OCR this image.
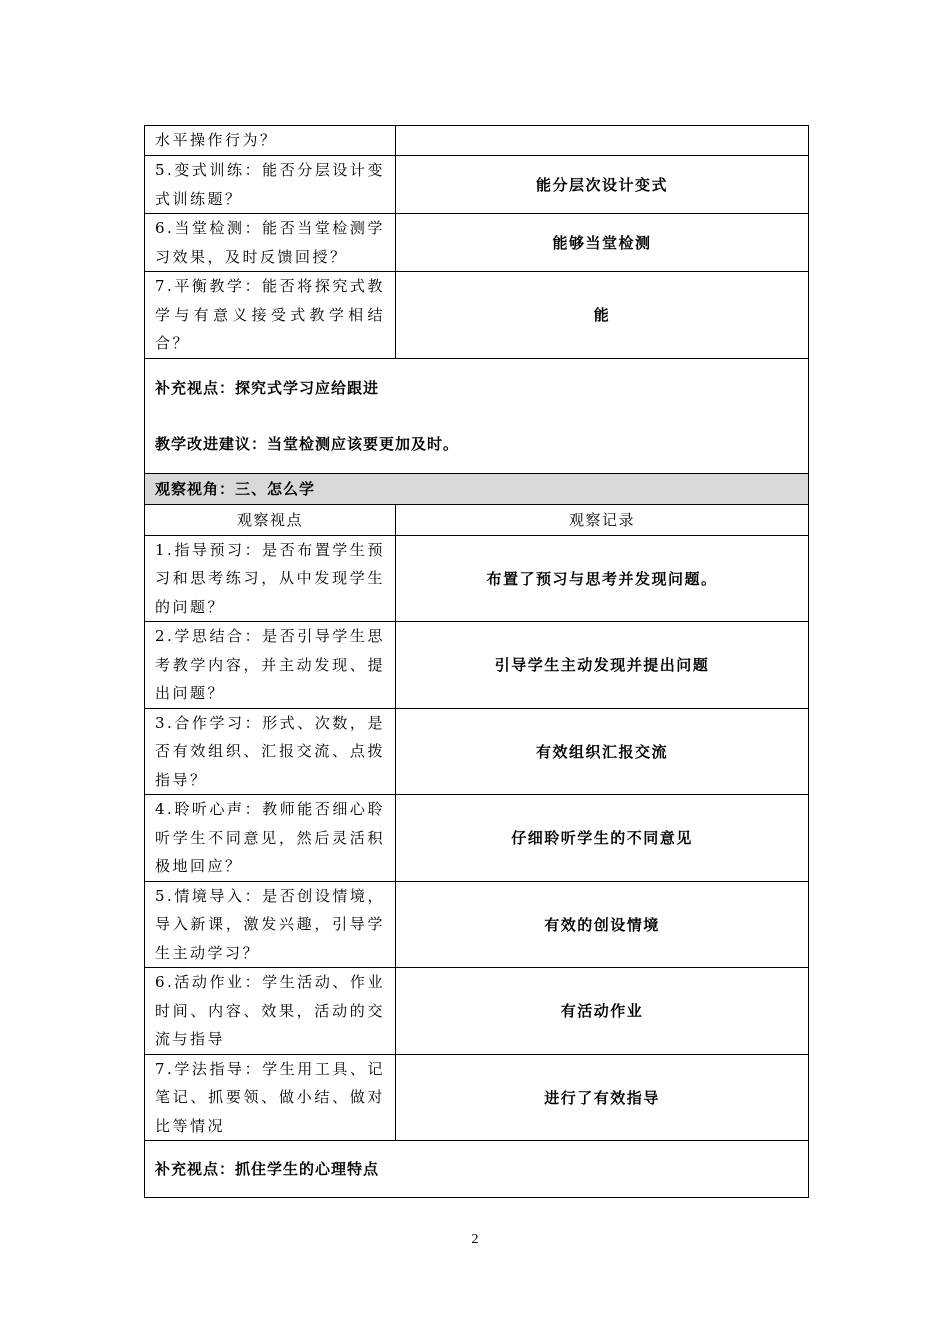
水平操作行为？	
5.变式训练：能否分层设计变式训练题？	能分层次设计变式
6.当堂检测：能否当堂检测学习效果，及时反馈回授？	能够当堂检测
7.平衡教学：能否将探究式教学与有意义接受式教学相结合？	能

补充视点：探究式学习应给跟进
教学改进建议：当堂检测应该要更加及时。	

观察视角：三、怎么学	
观察视点	观察记录
1.指导预习：是否布置学生预习和思考练习，从中发现学生的问题？	布置了预习与思考并发现问题。
2.学思结合：是否引导学生思考教学内容，并主动发现、提出问题？	引导学生主动发现并提出问题
3.合作学习：形式、次数，是否有效组织、汇报交流、点拨指导？	有效组织汇报交流
4.聆听心声：教师能否细心聆听学生不同意见，然后灵活积极地回应？	仔细聆听学生的不同意见
5.情境导入：是否创设情境，导入新课，激发兴趣，引导学生主动学习？	有效的创设情境
6.活动作业：学生活动、作业时间、内容、效果，活动的交流与指导	有活动作业
7.学法指导：学生用工具、记笔记、抓要领、做小结、做对比等情况	进行了有效指导

补充视点：抓住学生的心理特点	
2
